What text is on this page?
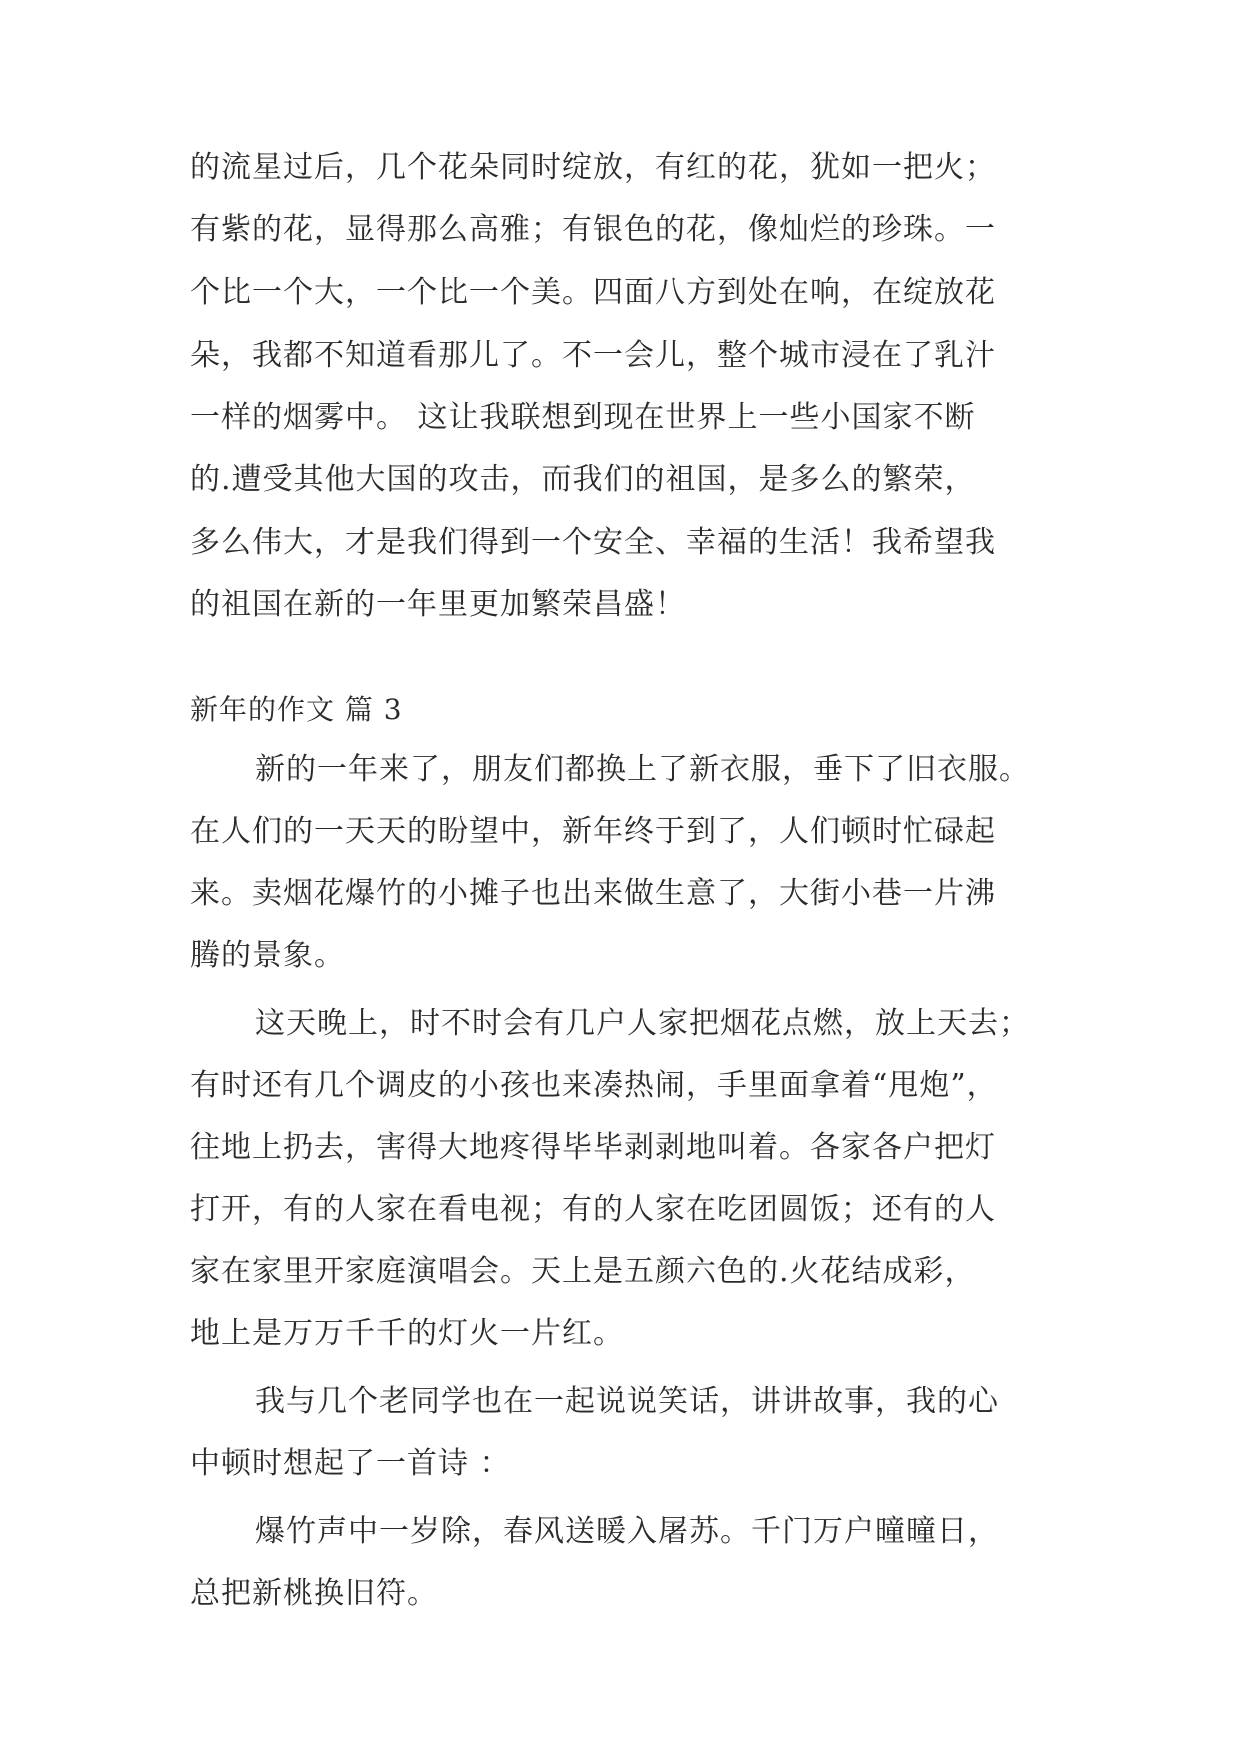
的流星过后，几个花朵同时绽放，有红的花，犹如一把火；
有紫的花，显得那么高雅；有银色的花，像灿烂的珍珠。一
个比一个大，一个比一个美。四面八方到处在响，在绽放花
朵，我都不知道看那儿了。不一会儿，整个城市浸在了乳汁
一样的烟雾中。 这让我联想到现在世界上一些小国家不断
的.遭受其他大国的攻击，而我们的祖国，是多么的繁荣，
多么伟大，才是我们得到一个安全、幸福的生活！我希望我
的祖国在新的一年里更加繁荣昌盛！
新年的作文 篇 3
新的一年来了，朋友们都换上了新衣服，垂下了旧衣服。
在人们的一天天的盼望中，新年终于到了，人们顿时忙碌起
来。卖烟花爆竹的小摊子也出来做生意了，大街小巷一片沸
腾的景象。
这天晚上，时不时会有几户人家把烟花点燃，放上天去；
有时还有几个调皮的小孩也来凑热闹，手里面拿着“甩炮”，
往地上扔去，害得大地疼得毕毕剥剥地叫着。各家各户把灯
打开，有的人家在看电视；有的人家在吃团圆饭；还有的人
家在家里开家庭演唱会。天上是五颜六色的.火花结成彩，
地上是万万千千的灯火一片红。
我与几个老同学也在一起说说笑话，讲讲故事，我的心
中顿时想起了一首诗 ：
爆竹声中一岁除，春风送暖入屠苏。千门万户曈曈日，
总把新桃换旧符。
